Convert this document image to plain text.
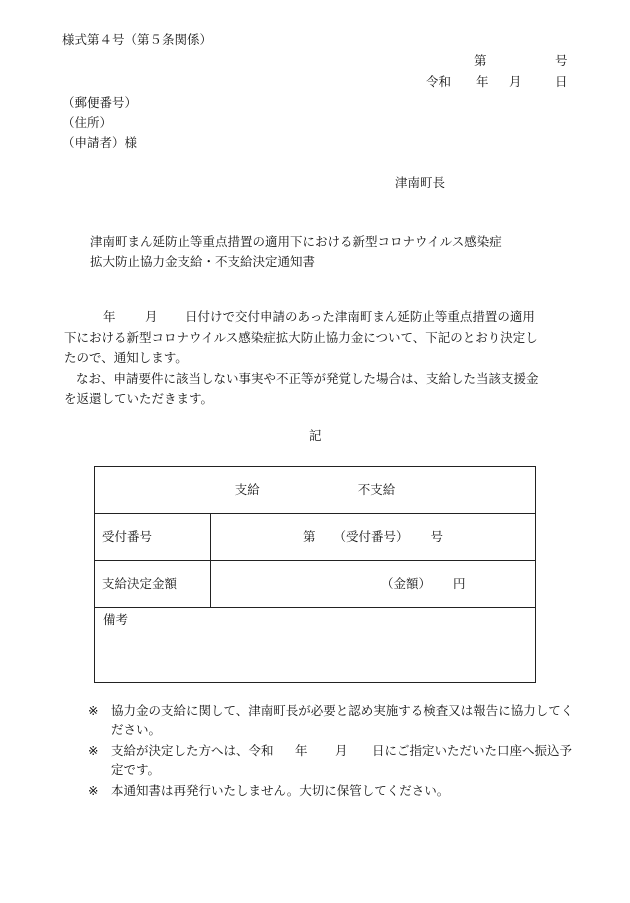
様式第４号（第５条関係）
第	号
令和 年 月	日
（郵便番号）
（住所）
（申請者）様
津南町長
津南町まん延防止等重点措置の適用下における新型コロナウイルス感染症
拡大防止協力金支給・不支給決定通知書
年 月 日付けで交付申請のあった津南町まん延防止等重点措置の適用
下における新型コロナウイルス感染症拡大防止協力金について、下記のとおり決定し
たので、通知します。
なお、申請要件に該当しない事実や不正等が発覚した場合は、支給した当該支援金
を返還していただきます。
記
支給 不支給	
受付番号	第 （受付番号） 号
支給決定金額	（金額） 円
備考	
※ 協力金の支給に関して、津南町長が必要と認め実施する検査又は報告に協力してく
ださい。
※ 支給が決定した方へは、令和 年 月 日にご指定いただいた口座へ振込予
定です。
※ 本通知書は再発行いたしません。大切に保管してください。
